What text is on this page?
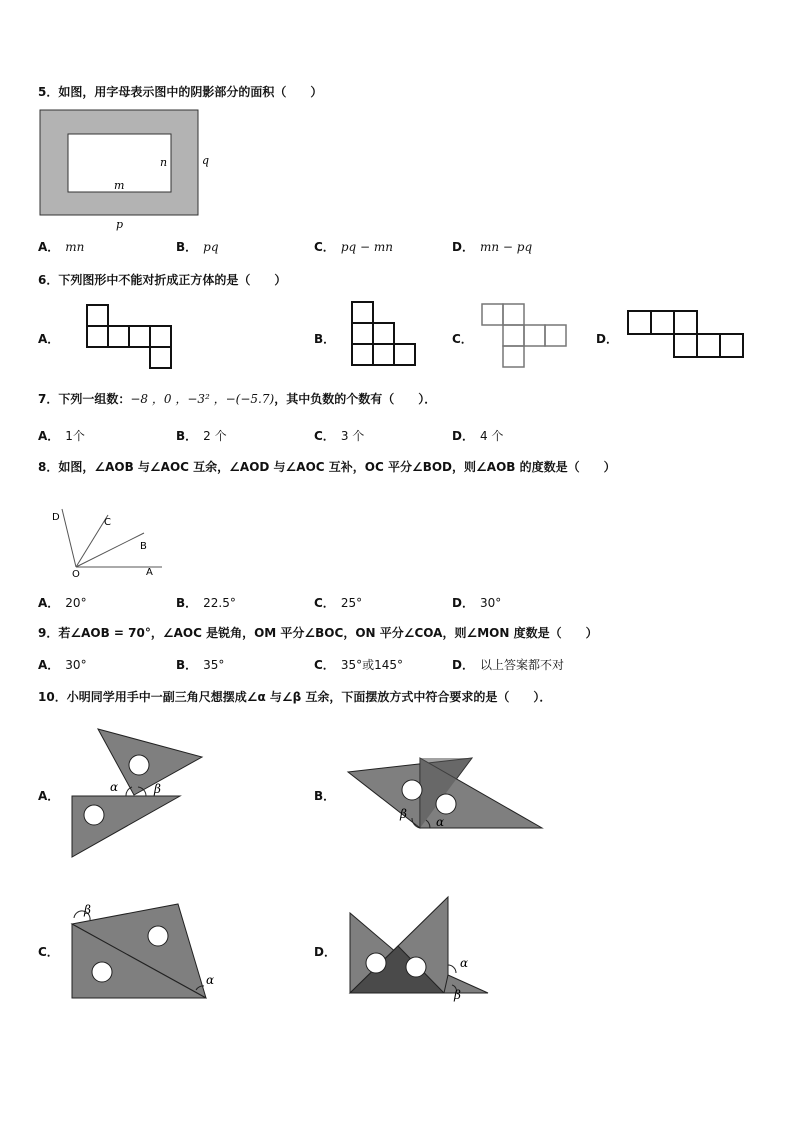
5．如图，用字母表示图中的阴影部分的面积（　　）
n	q
m
p
A． mn	B． pq	C． pq − mn	D． mn − pq
6．下列图形中不能对折成正方体的是（　　）
A．	B．	C．	D．
7．下列一组数：−8 ，0 ，−3² ，−(−5.7)，其中负数的个数有（　　）．
A． 1个	B． 2 个	C． 3 个	D． 4 个
8．如图，∠AOB 与∠AOC 互余，∠AOD 与∠AOC 互补，OC 平分∠BOD，则∠AOB 的度数是（　　）
D	C
B
O	A
A． 20°	B． 22.5°	C． 25°	D． 30°
9．若∠AOB = 70°，∠AOC 是锐角，OM 平分∠BOC，ON 平分∠COA，则∠MON 度数是（　　）
A． 30°	B． 35°	C． 35°或145°	D． 以上答案都不对
10．小明同学用手中一副三角尺想摆成∠α 与∠β 互余，下面摆放方式中符合要求的是（　　）．
A．
α	β	B．
β
α
C．
β
α
D．
α
β
